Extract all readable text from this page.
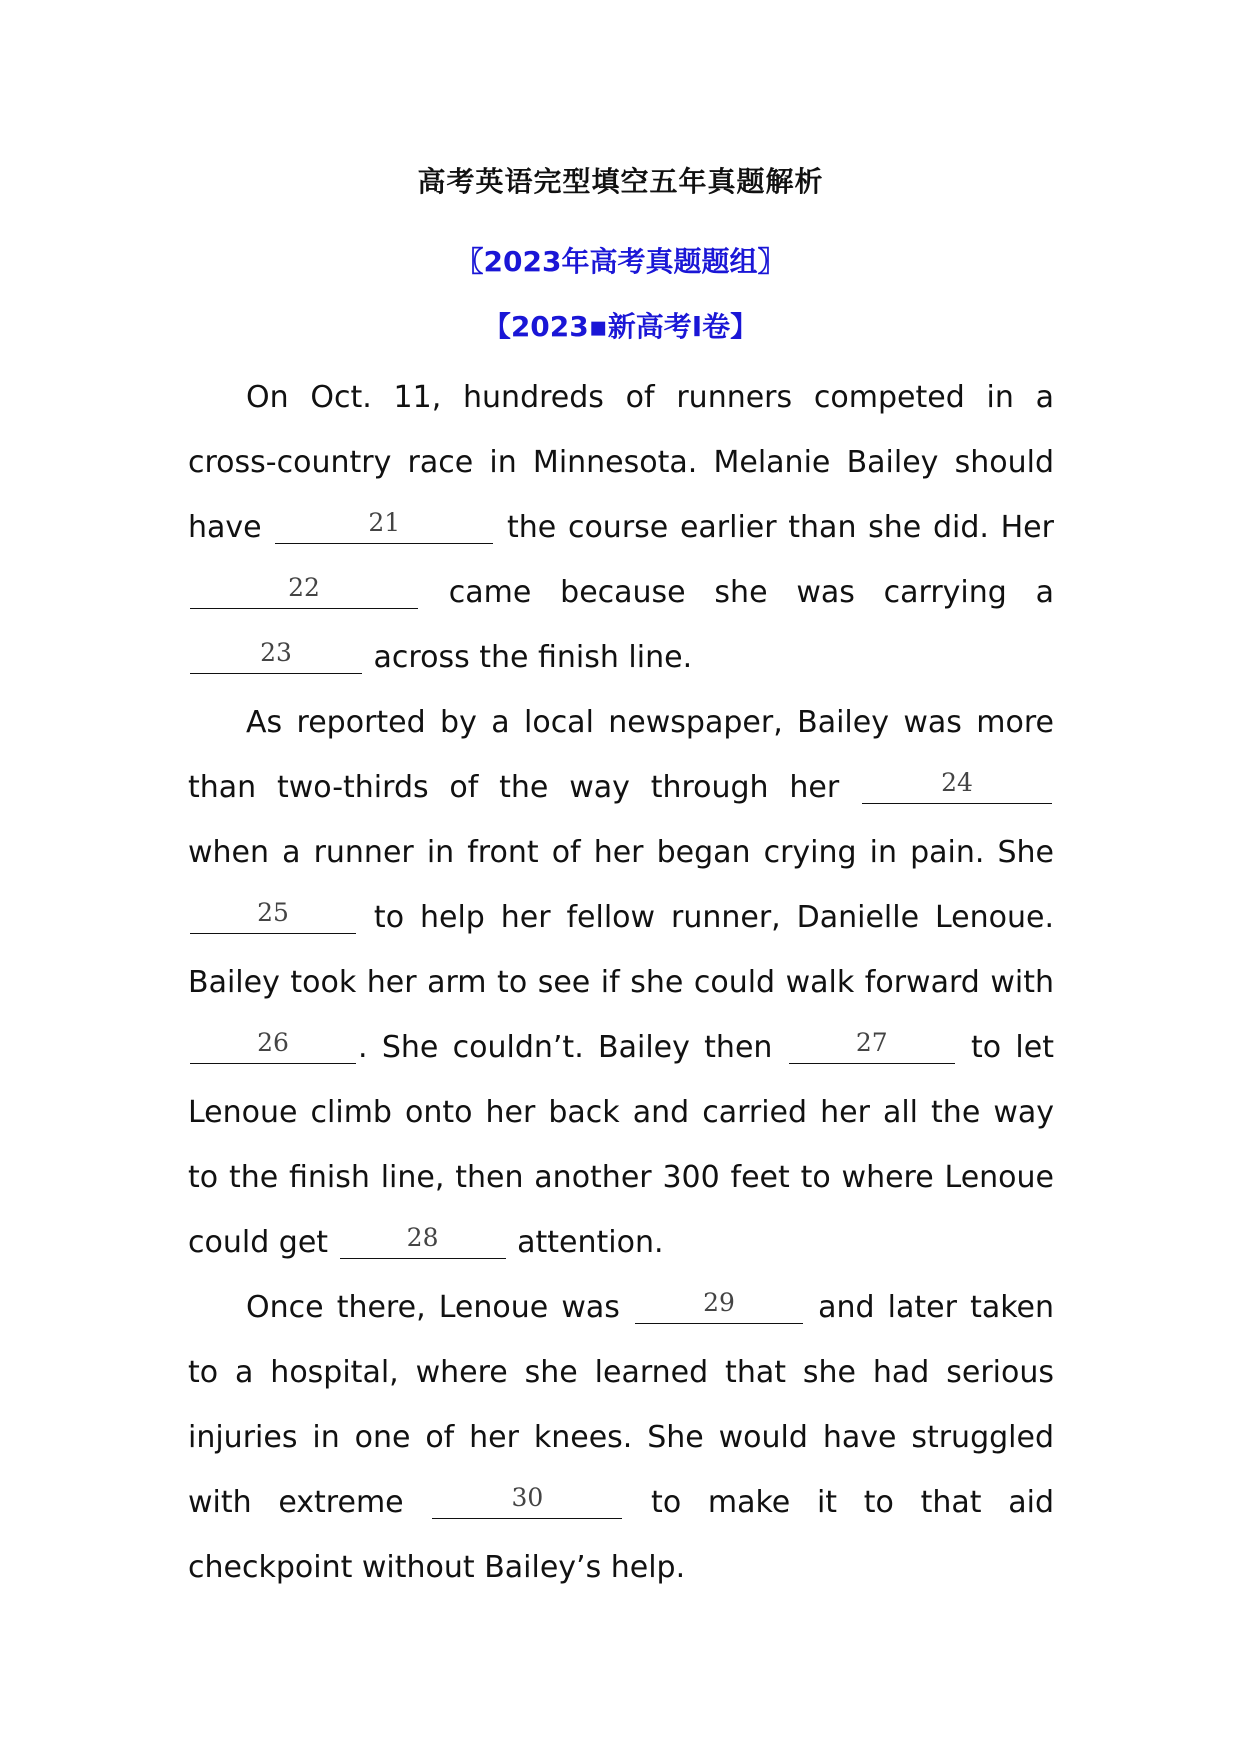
高考英语完型填空五年真题解析
〖2023年高考真题题组〗
【2023▪新高考Ⅰ卷】

On Oct. 11, hundreds of runners competed in a cross-country race in Minnesota. Melanie Bailey should have	$^{21}$	the course earlier than she did. Her $^{22}$	came because she was carrying a $^{23}$ across the finish line.

As reported by a local newspaper, Bailey was more than two-thirds of the way through her	$^{24}$ when a runner in front of her began crying in pain. She $^{25}$ to help her fellow runner, Danielle Lenoue. Bailey took her arm to see if she could walk forward with $^{26}$ . She couldn’t. Bailey then	$^{27}$ to let Lenoue climb onto her back and carried her all the way to the finish line, then another 300 feet to where Lenoue could get	$^{28}$ attention.

Once there, Lenoue was	$^{29}$ and later taken to a hospital, where she learned that she had serious injuries in one of her knees. She would have struggled with extreme	$^{30}$	to make it to that aid checkpoint without Bailey’s help.
